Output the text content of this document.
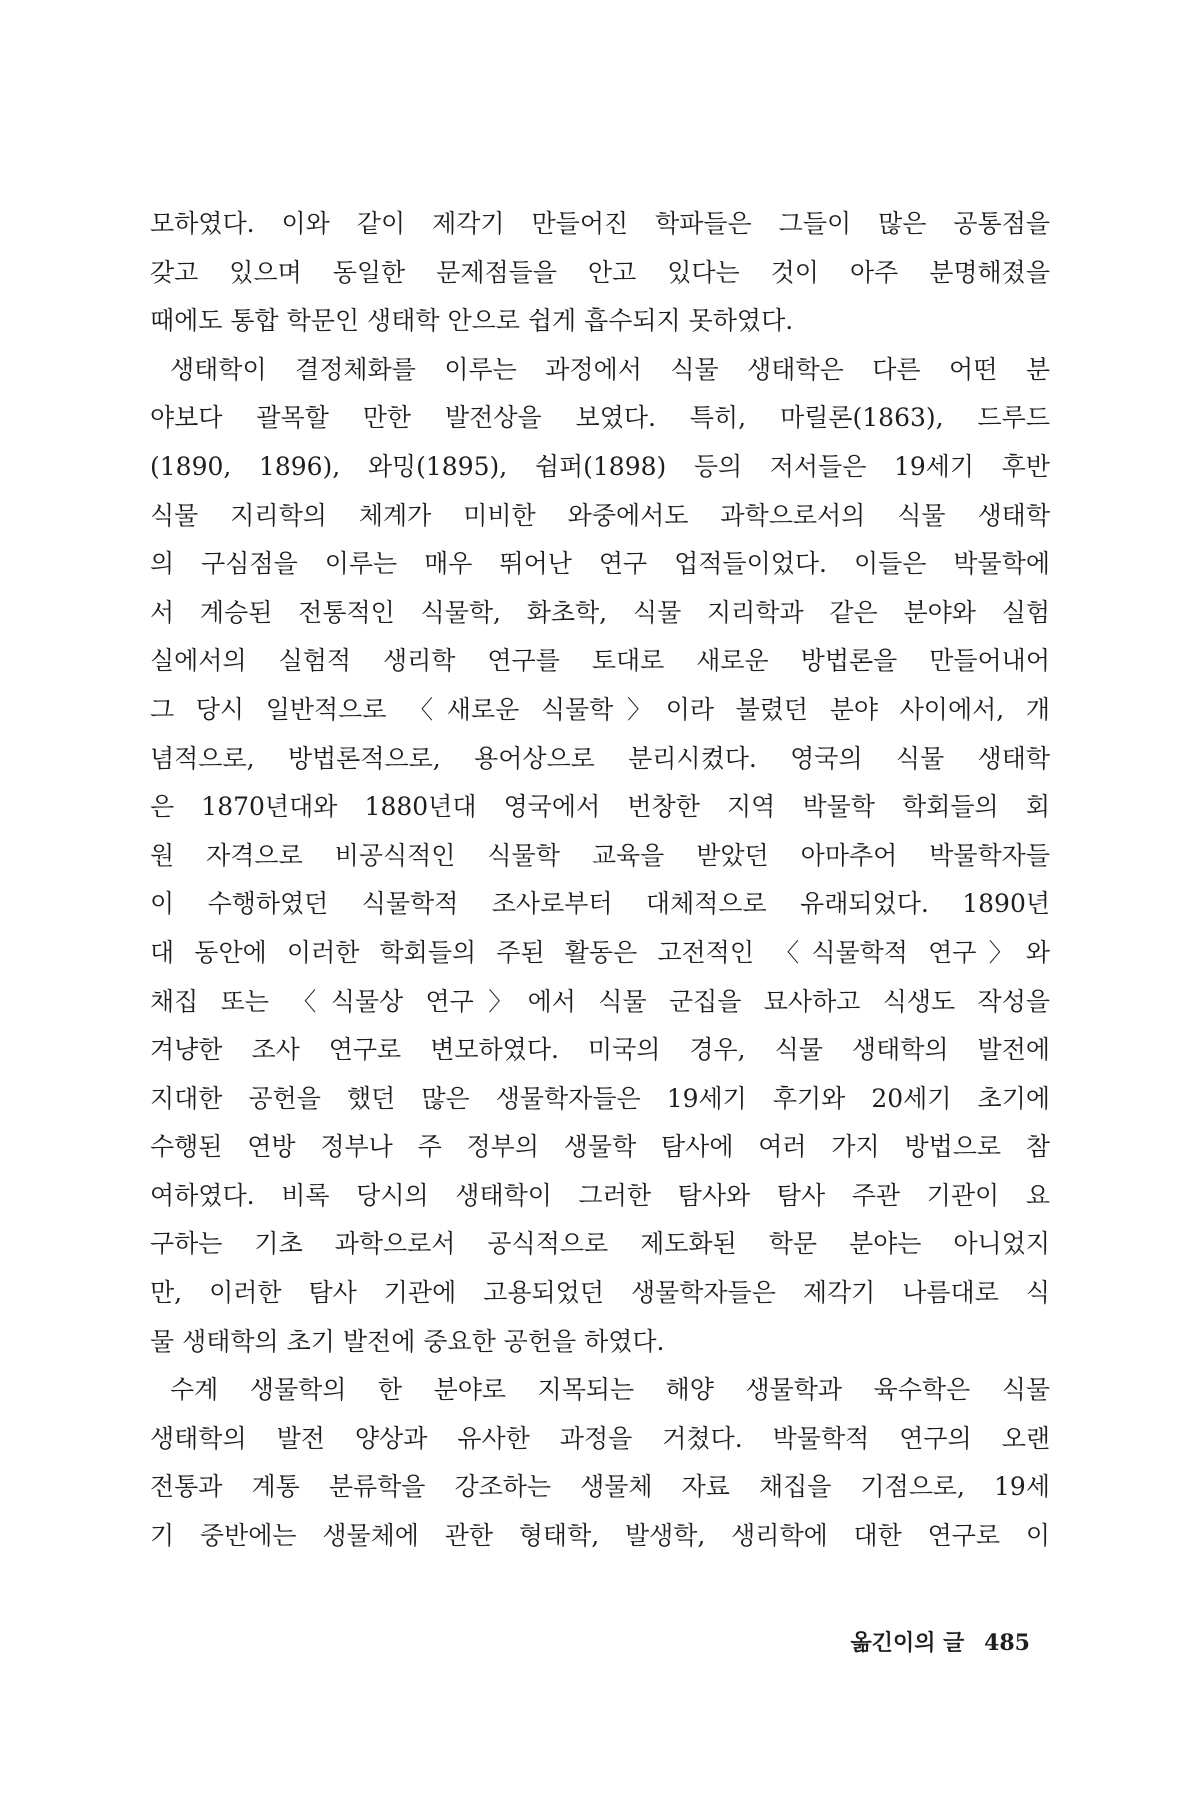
모하였다. 이와 같이 제각기 만들어진 학파들은 그들이 많은 공통점을
갖고 있으며 동일한 문제점들을 안고 있다는 것이 아주 분명해졌을
때에도 통합 학문인 생태학 안으로 쉽게 흡수되지 못하였다.
생태학이 결정체화를 이루는 과정에서 식물 생태학은 다른 어떤 분
야보다 괄목할 만한 발전상을 보였다. 특히, 마릴론(1863), 드루드
(1890, 1896), 와밍(1895), 쉼퍼(1898) 등의 저서들은 19세기 후반
식물 지리학의 체계가 미비한 와중에서도 과학으로서의 식물 생태학
의 구심점을 이루는 매우 뛰어난 연구 업적들이었다. 이들은 박물학에
서 계승된 전통적인 식물학, 화초학, 식물 지리학과 같은 분야와 실험
실에서의 실험적 생리학 연구를 토대로 새로운 방법론을 만들어내어
그 당시 일반적으로 〈새로운 식물학〉이라 불렸던 분야 사이에서, 개
념적으로, 방법론적으로, 용어상으로 분리시켰다. 영국의 식물 생태학
은 1870년대와 1880년대 영국에서 번창한 지역 박물학 학회들의 회
원 자격으로 비공식적인 식물학 교육을 받았던 아마추어 박물학자들
이 수행하였던 식물학적 조사로부터 대체적으로 유래되었다. 1890년
대 동안에 이러한 학회들의 주된 활동은 고전적인 〈식물학적 연구〉와
채집 또는 〈식물상 연구〉에서 식물 군집을 묘사하고 식생도 작성을
겨냥한 조사 연구로 변모하였다. 미국의 경우, 식물 생태학의 발전에
지대한 공헌을 했던 많은 생물학자들은 19세기 후기와 20세기 초기에
수행된 연방 정부나 주 정부의 생물학 탐사에 여러 가지 방법으로 참
여하였다. 비록 당시의 생태학이 그러한 탐사와 탐사 주관 기관이 요
구하는 기초 과학으로서 공식적으로 제도화된 학문 분야는 아니었지
만, 이러한 탐사 기관에 고용되었던 생물학자들은 제각기 나름대로 식
물 생태학의 초기 발전에 중요한 공헌을 하였다.
수계 생물학의 한 분야로 지목되는 해양 생물학과 육수학은 식물
생태학의 발전 양상과 유사한 과정을 거쳤다. 박물학적 연구의 오랜
전통과 계통 분류학을 강조하는 생물체 자료 채집을 기점으로, 19세
기 중반에는 생물체에 관한 형태학, 발생학, 생리학에 대한 연구로 이
옮긴이의 글 485
